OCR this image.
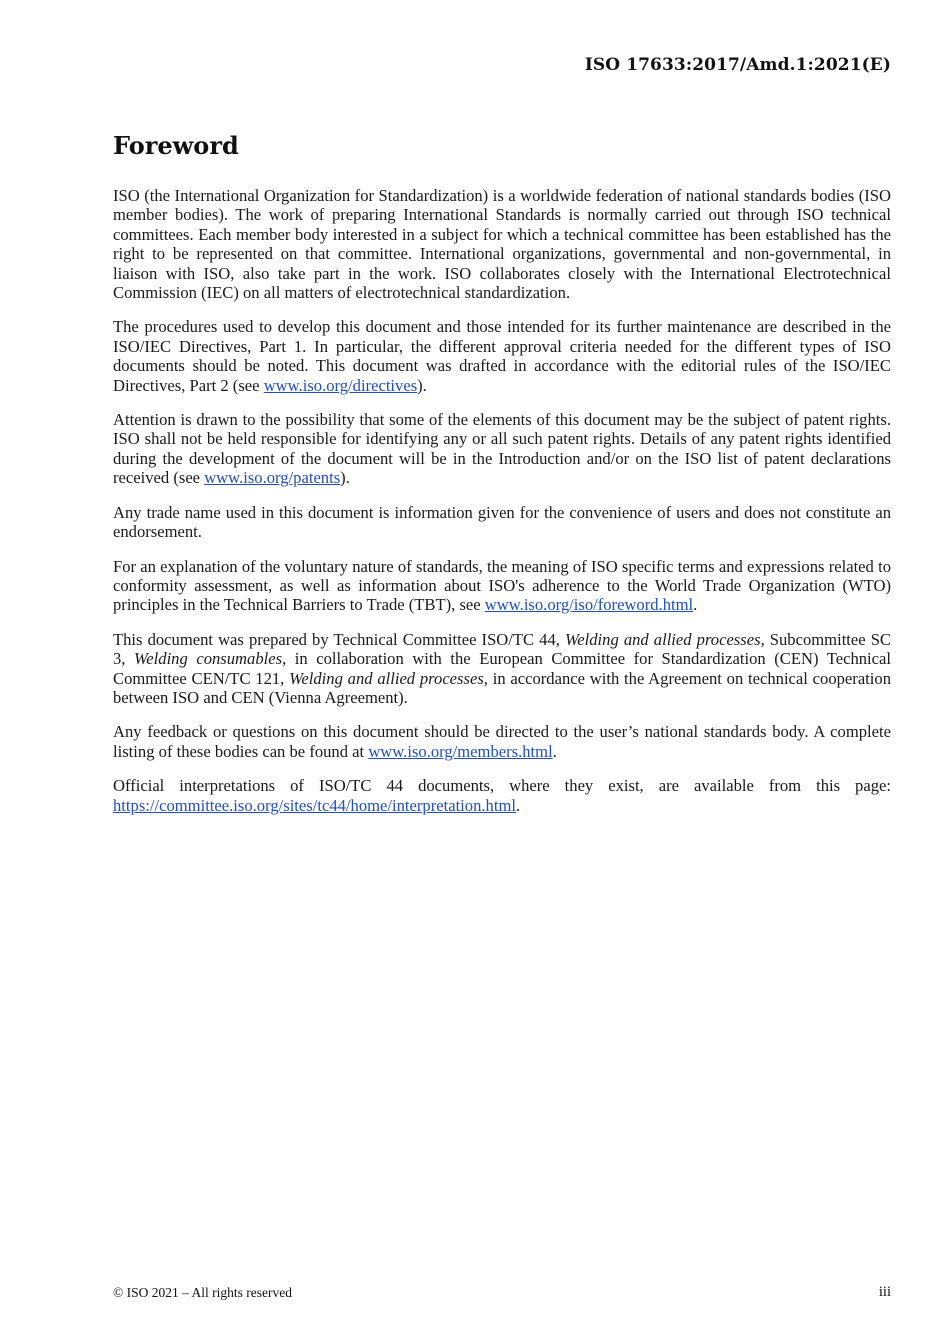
ISO 17633:2017/Amd.1:2021(E)
Foreword

ISO (the International Organization for Standardization) is a worldwide federation of national standards bodies (ISO member bodies). The work of preparing International Standards is normally carried out through ISO technical committees. Each member body interested in a subject for which a technical committee has been established has the right to be represented on that committee. International organizations, governmental and non-governmental, in liaison with ISO, also take part in the work. ISO collaborates closely with the International Electrotechnical Commission (IEC) on all matters of electrotechnical standardization.

The procedures used to develop this document and those intended for its further maintenance are described in the ISO/IEC Directives, Part 1. In particular, the different approval criteria needed for the different types of ISO documents should be noted. This document was drafted in accordance with the editorial rules of the ISO/IEC Directives, Part 2 (see www.iso.org/directives).

Attention is drawn to the possibility that some of the elements of this document may be the subject of patent rights. ISO shall not be held responsible for identifying any or all such patent rights. Details of any patent rights identified during the development of the document will be in the Introduction and/or on the ISO list of patent declarations received (see www.iso.org/patents).

Any trade name used in this document is information given for the convenience of users and does not constitute an endorsement.

For an explanation of the voluntary nature of standards, the meaning of ISO specific terms and expressions related to conformity assessment, as well as information about ISO's adherence to the World Trade Organization (WTO) principles in the Technical Barriers to Trade (TBT), see www.iso.org/iso/foreword.html.

This document was prepared by Technical Committee ISO/TC 44, Welding and allied processes, Subcommittee SC 3, Welding consumables, in collaboration with the European Committee for Standardization (CEN) Technical Committee CEN/TC 121, Welding and allied processes, in accordance with the Agreement on technical cooperation between ISO and CEN (Vienna Agreement).

Any feedback or questions on this document should be directed to the user’s national standards body. A complete listing of these bodies can be found at www.iso.org/members.html.

Official interpretations of ISO/TC 44 documents, where they exist, are available from this page: https://committee.iso.org/sites/tc44/home/interpretation.html.

© ISO 2021 – All rights reserved	iii
